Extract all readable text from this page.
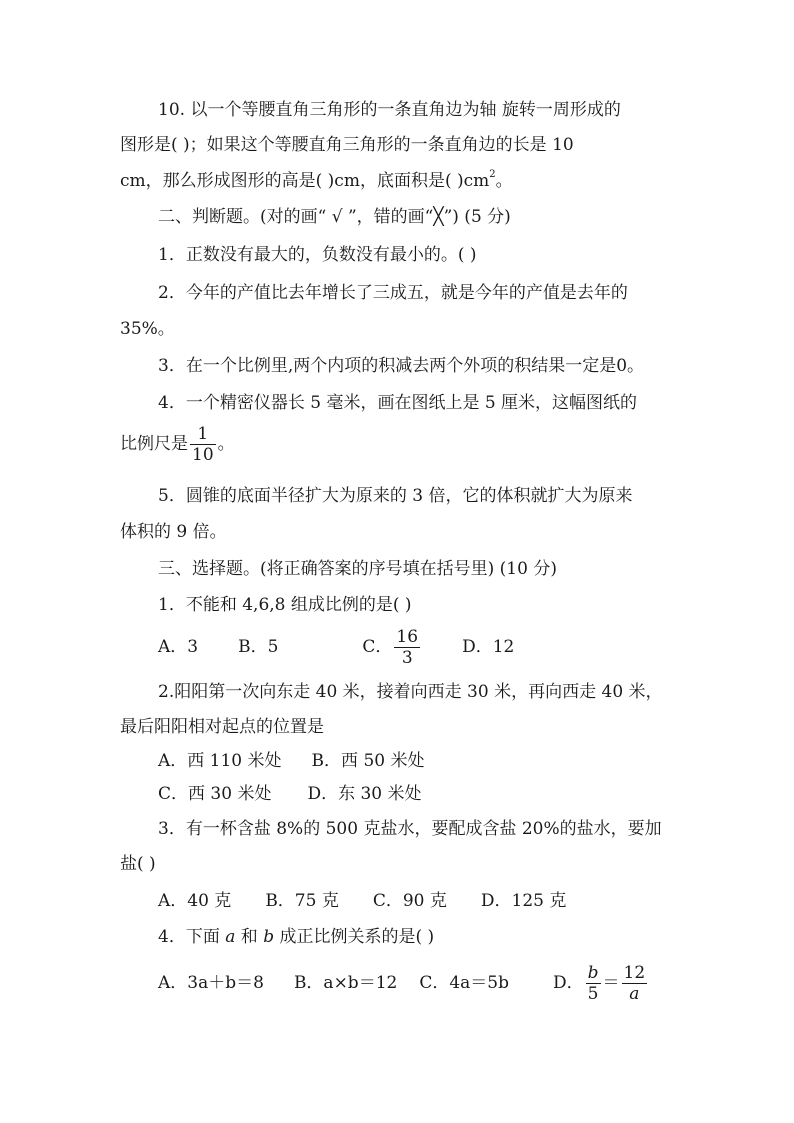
10. 以一个等腰直角三角形的一条直角边为轴 旋转一周形成的
图形是( )；如果这个等腰直角三角形的一条直角边的长是 10
cm，那么形成图形的高是( )cm，底面积是( )$cm^2$。
二、判断题。(对的画“ √ ”，错的画“╳”) (5 分)
1．正数没有最大的，负数没有最小的。( )
2．今年的产值比去年增长了三成五，就是今年的产值是去年的
35%。
3．在一个比例里,两个内项的积减去两个外项的积结果一定是0。
4．一个精密仪器长 5 毫米，画在图纸上是 5 厘米，这幅图纸的
比例尺是 $\frac{1}{10}$ 。
5．圆锥的底面半径扩大为原来的 3 倍，它的体积就扩大为原来
体积的 9 倍。
三、选择题。(将正确答案的序号填在括号里) (10 分)
1．不能和 4,6,8 组成比例的是( )
A．3 B．5	C． $\frac{16}{3}$ D．12
2.阳阳第一次向东走 40 米，接着向西走 30 米，再向西走 40 米，
最后阳阳相对起点的位置是
A．西 110 米处 B．西 50 米处
C．西 30 米处 D．东 30 米处
3．有一杯含盐 8%的 500 克盐水，要配成含盐 20%的盐水，要加
盐( )
A．40 克 B．75 克 C．90 克 D．125 克
4．下面 a 和 b 成正比例关系的是( )
A．3a＋b＝8 B．a×b＝12 C．4a＝5b	D． $\frac{b}{5} = \frac{12}{a}$
